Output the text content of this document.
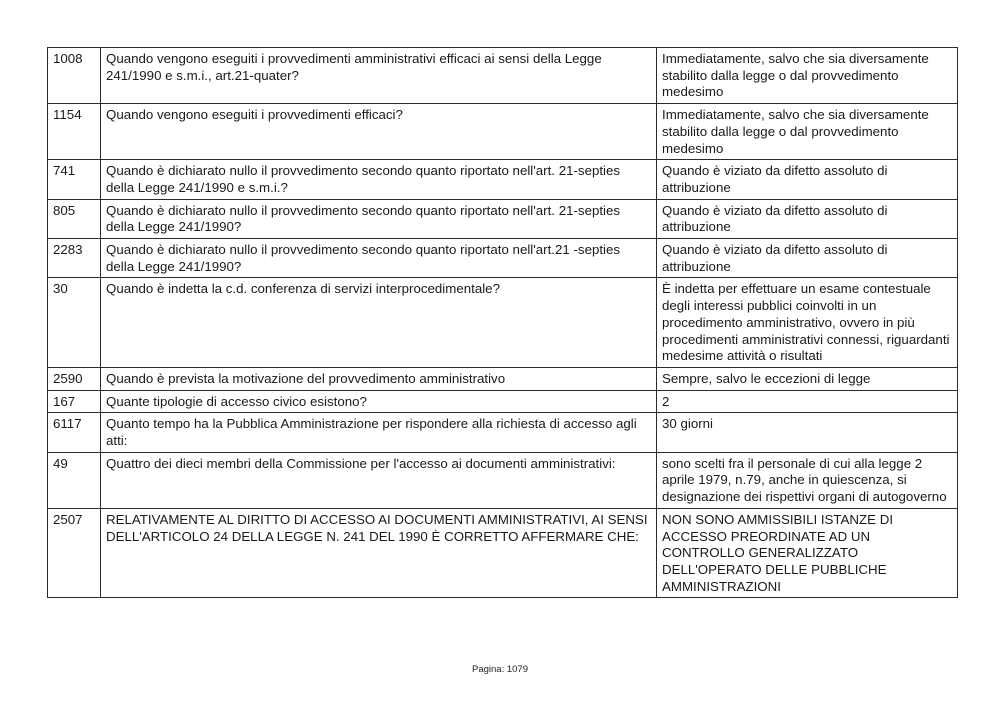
1008	Quando vengono eseguiti i provvedimenti amministrativi efficaci ai sensi della Legge 241/1990 e s.m.i., art.21-quater?	Immediatamente, salvo che sia diversamente stabilito dalla legge o dal provvedimento medesimo
1154	Quando vengono eseguiti i provvedimenti efficaci?	Immediatamente, salvo che sia diversamente stabilito dalla legge o dal provvedimento medesimo
741	Quando è dichiarato nullo il provvedimento secondo quanto riportato nell'art. 21-septies della Legge 241/1990 e s.m.i.?	Quando è viziato da difetto assoluto di attribuzione
805	Quando è dichiarato nullo il provvedimento secondo quanto riportato nell'art. 21-septies della Legge 241/1990?	Quando è viziato da difetto assoluto di attribuzione
2283	Quando è dichiarato nullo il provvedimento secondo quanto riportato nell'art.21 -septies della Legge 241/1990?	Quando è viziato da difetto assoluto di attribuzione
30	Quando è indetta la c.d. conferenza di servizi interprocedimentale?	È indetta per effettuare un esame contestuale degli interessi pubblici coinvolti in un procedimento amministrativo, ovvero in più procedimenti amministrativi connessi, riguardanti medesime attività o risultati
2590	Quando è prevista la motivazione del provvedimento amministrativo	Sempre, salvo le eccezioni di legge
167	Quante tipologie di accesso civico esistono?	2
6117	Quanto tempo ha la Pubblica Amministrazione per rispondere alla richiesta di accesso agli atti:	30 giorni
49	Quattro dei dieci membri della Commissione per l'accesso ai documenti amministrativi:	sono scelti fra il personale di cui alla legge 2 aprile 1979, n.79, anche in quiescenza, si designazione dei rispettivi organi di autogoverno
2507	RELATIVAMENTE AL DIRITTO DI ACCESSO AI DOCUMENTI AMMINISTRATIVI, AI SENSI DELL'ARTICOLO 24 DELLA LEGGE N. 241 DEL 1990 È CORRETTO AFFERMARE CHE:	NON SONO AMMISSIBILI ISTANZE DI ACCESSO PREORDINATE AD UN CONTROLLO GENERALIZZATO DELL'OPERATO DELLE PUBBLICHE AMMINISTRAZIONI
Pagina: 1079
